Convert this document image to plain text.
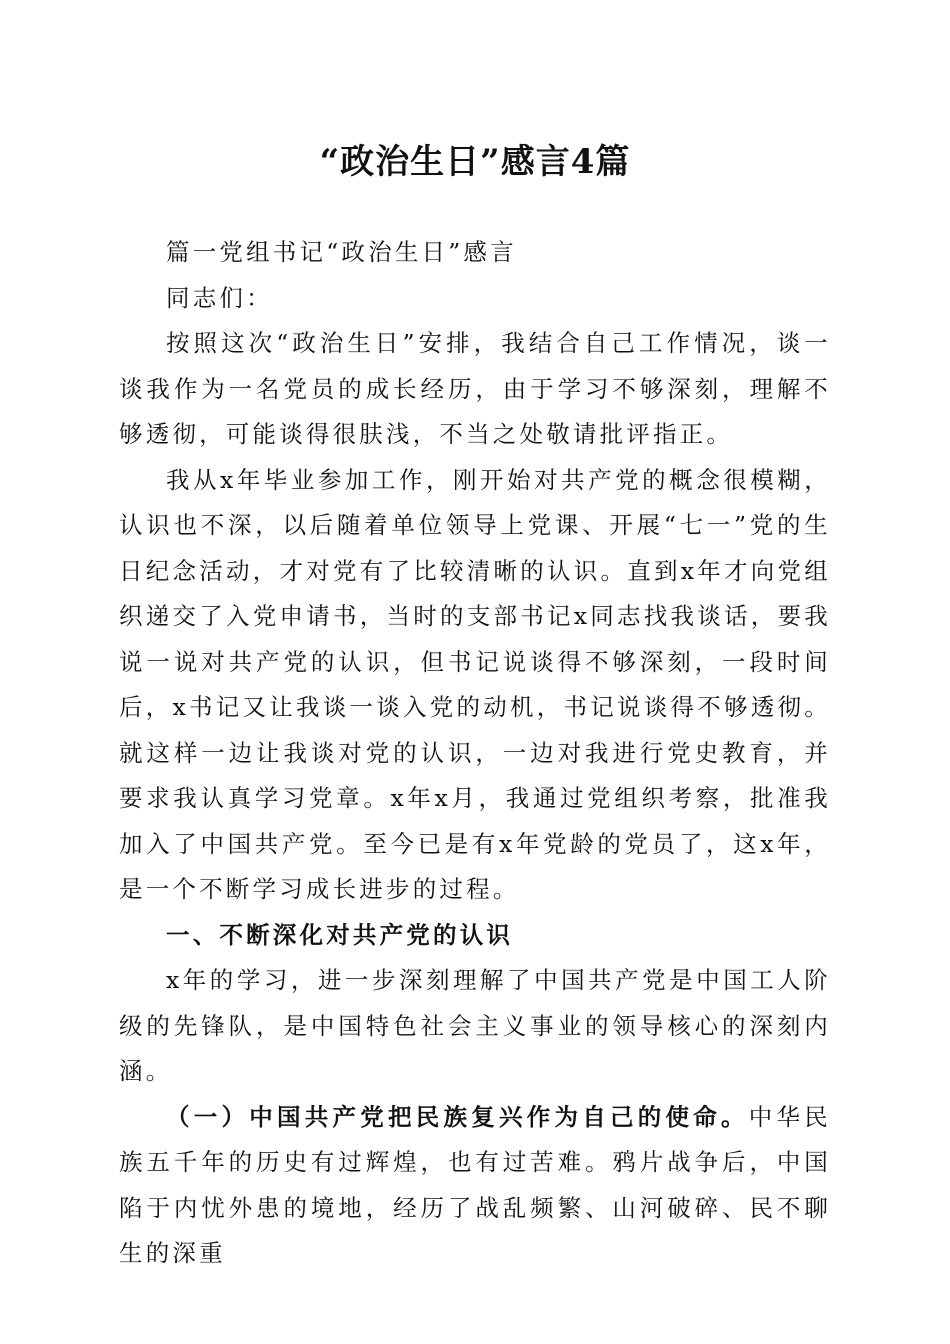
“政治生日”感言4篇

篇一党组书记“政治生日”感言

同志们：

按照这次“政治生日”安排，我结合自己工作情况，谈一谈我作为一名党员的成长经历，由于学习不够深刻，理解不够透彻，可能谈得很肤浅，不当之处敬请批评指正。

我从x年毕业参加工作，刚开始对共产党的概念很模糊，认识也不深，以后随着单位领导上党课、开展“七一”党的生日纪念活动，才对党有了比较清晰的认识。直到x年才向党组织递交了入党申请书，当时的支部书记x同志找我谈话，要我说一说对共产党的认识，但书记说谈得不够深刻，一段时间后，x书记又让我谈一谈入党的动机，书记说谈得不够透彻。就这样一边让我谈对党的认识，一边对我进行党史教育，并要求我认真学习党章。x年x月，我通过党组织考察，批准我加入了中国共产党。至今已是有x年党龄的党员了，这x年，是一个不断学习成长进步的过程。

一、不断深化对共产党的认识

x年的学习，进一步深刻理解了中国共产党是中国工人阶级的先锋队，是中国特色社会主义事业的领导核心的深刻内涵。

（一）中国共产党把民族复兴作为自己的使命。中华民族五千年的历史有过辉煌，也有过苦难。鸦片战争后，中国陷于内忧外患的境地，经历了战乱频繁、山河破碎、民不聊生的深重
